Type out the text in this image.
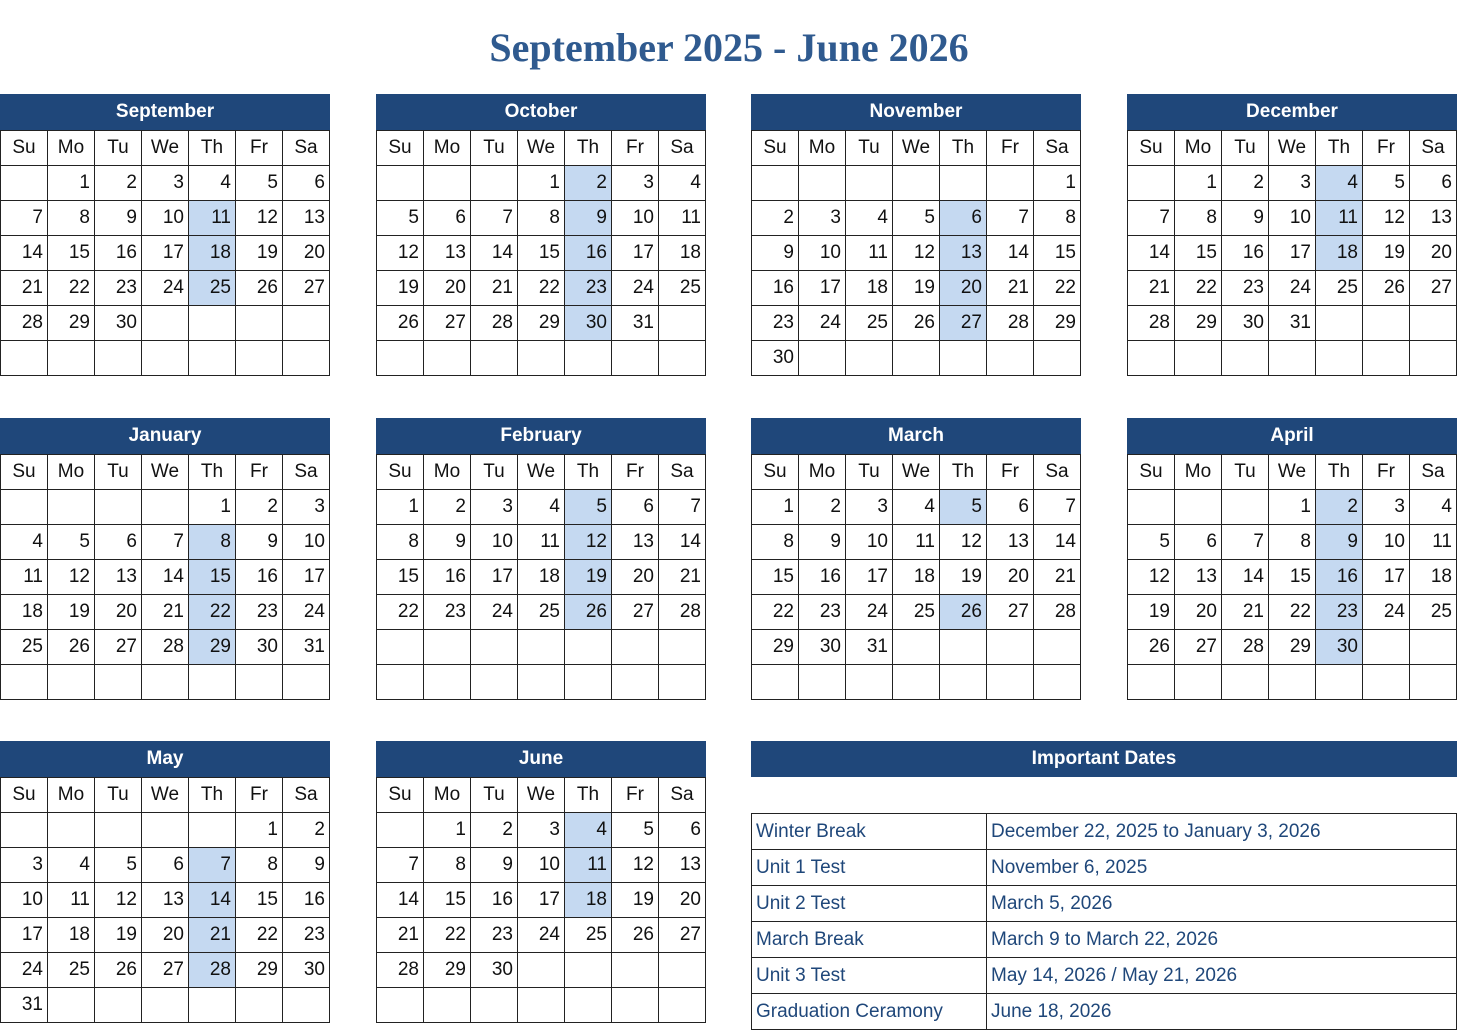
September 2025 - June 2026
September
Su	Mo	Tu	We	Th	Fr	Sa
	1	2	3	4	5	6
7	8	9	10	11	12	13
14	15	16	17	18	19	20
21	22	23	24	25	26	27
28	29	30				

October
Su	Mo	Tu	We	Th	Fr	Sa
			1	2	3	4
5	6	7	8	9	10	11
12	13	14	15	16	17	18
19	20	21	22	23	24	25
26	27	28	29	30	31	

November
Su	Mo	Tu	We	Th	Fr	Sa
						1
2	3	4	5	6	7	8
9	10	11	12	13	14	15
16	17	18	19	20	21	22
23	24	25	26	27	28	29
30						
December
Su	Mo	Tu	We	Th	Fr	Sa
	1	2	3	4	5	6
7	8	9	10	11	12	13
14	15	16	17	18	19	20
21	22	23	24	25	26	27
28	29	30	31			

January
Su	Mo	Tu	We	Th	Fr	Sa
				1	2	3
4	5	6	7	8	9	10
11	12	13	14	15	16	17
18	19	20	21	22	23	24
25	26	27	28	29	30	31

February
Su	Mo	Tu	We	Th	Fr	Sa
1	2	3	4	5	6	7
8	9	10	11	12	13	14
15	16	17	18	19	20	21
22	23	24	25	26	27	28

March
Su	Mo	Tu	We	Th	Fr	Sa
1	2	3	4	5	6	7
8	9	10	11	12	13	14
15	16	17	18	19	20	21
22	23	24	25	26	27	28
29	30	31				

April
Su	Mo	Tu	We	Th	Fr	Sa
			1	2	3	4
5	6	7	8	9	10	11
12	13	14	15	16	17	18
19	20	21	22	23	24	25
26	27	28	29	30		

May
Su	Mo	Tu	We	Th	Fr	Sa
					1	2
3	4	5	6	7	8	9
10	11	12	13	14	15	16
17	18	19	20	21	22	23
24	25	26	27	28	29	30
31						
June
Su	Mo	Tu	We	Th	Fr	Sa
	1	2	3	4	5	6
7	8	9	10	11	12	13
14	15	16	17	18	19	20
21	22	23	24	25	26	27
28	29	30				

Important Dates
Winter Break	December 22, 2025 to January 3, 2026
Unit 1 Test	November 6, 2025
Unit 2 Test	March 5, 2026
March Break	March 9 to March 22, 2026
Unit 3 Test	May 14, 2026 / May 21, 2026
Graduation Ceramony	June 18, 2026
